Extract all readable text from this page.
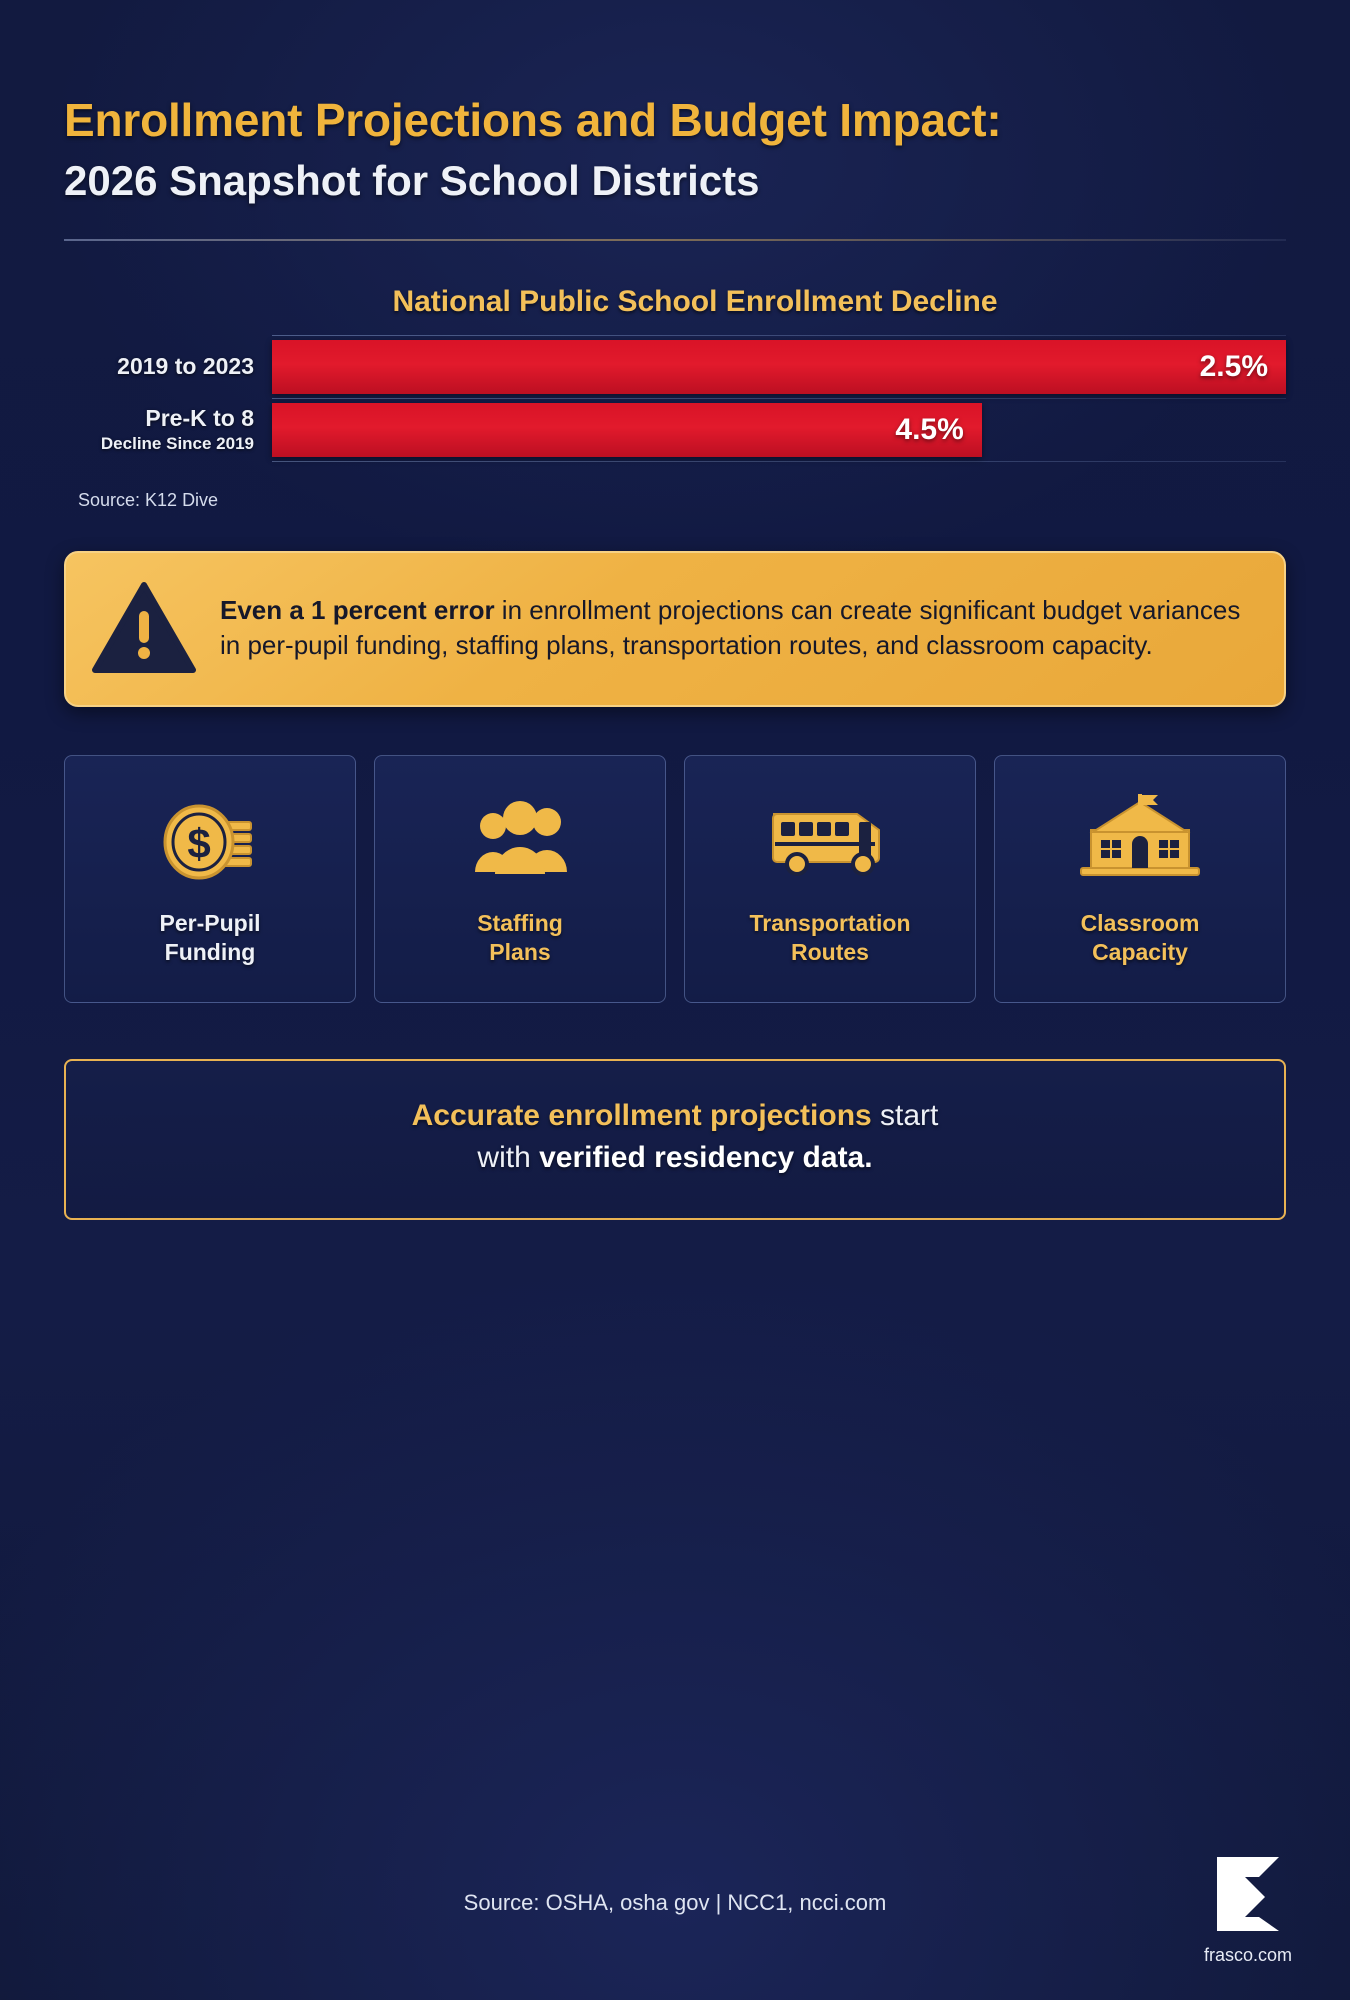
Enrollment Projections and Budget Impact:
2026 Snapshot for School Districts
National Public School Enrollment Decline
2019 to 2023	2.5%
Pre-K to 8
Decline Since 2019	4.5%
Source: K12 Dive
Even a 1 percent error in enrollment projections can create significant budget variances in per-pupil funding, staffing plans, transportation routes, and classroom capacity.
$
Per-Pupil
Funding
Staffing
Plans
Transportation
Routes
Classroom
Capacity
Accurate enrollment projections start
with verified residency data.
Source: OSHA, osha gov | NCC1, ncci.com
frasco.com
